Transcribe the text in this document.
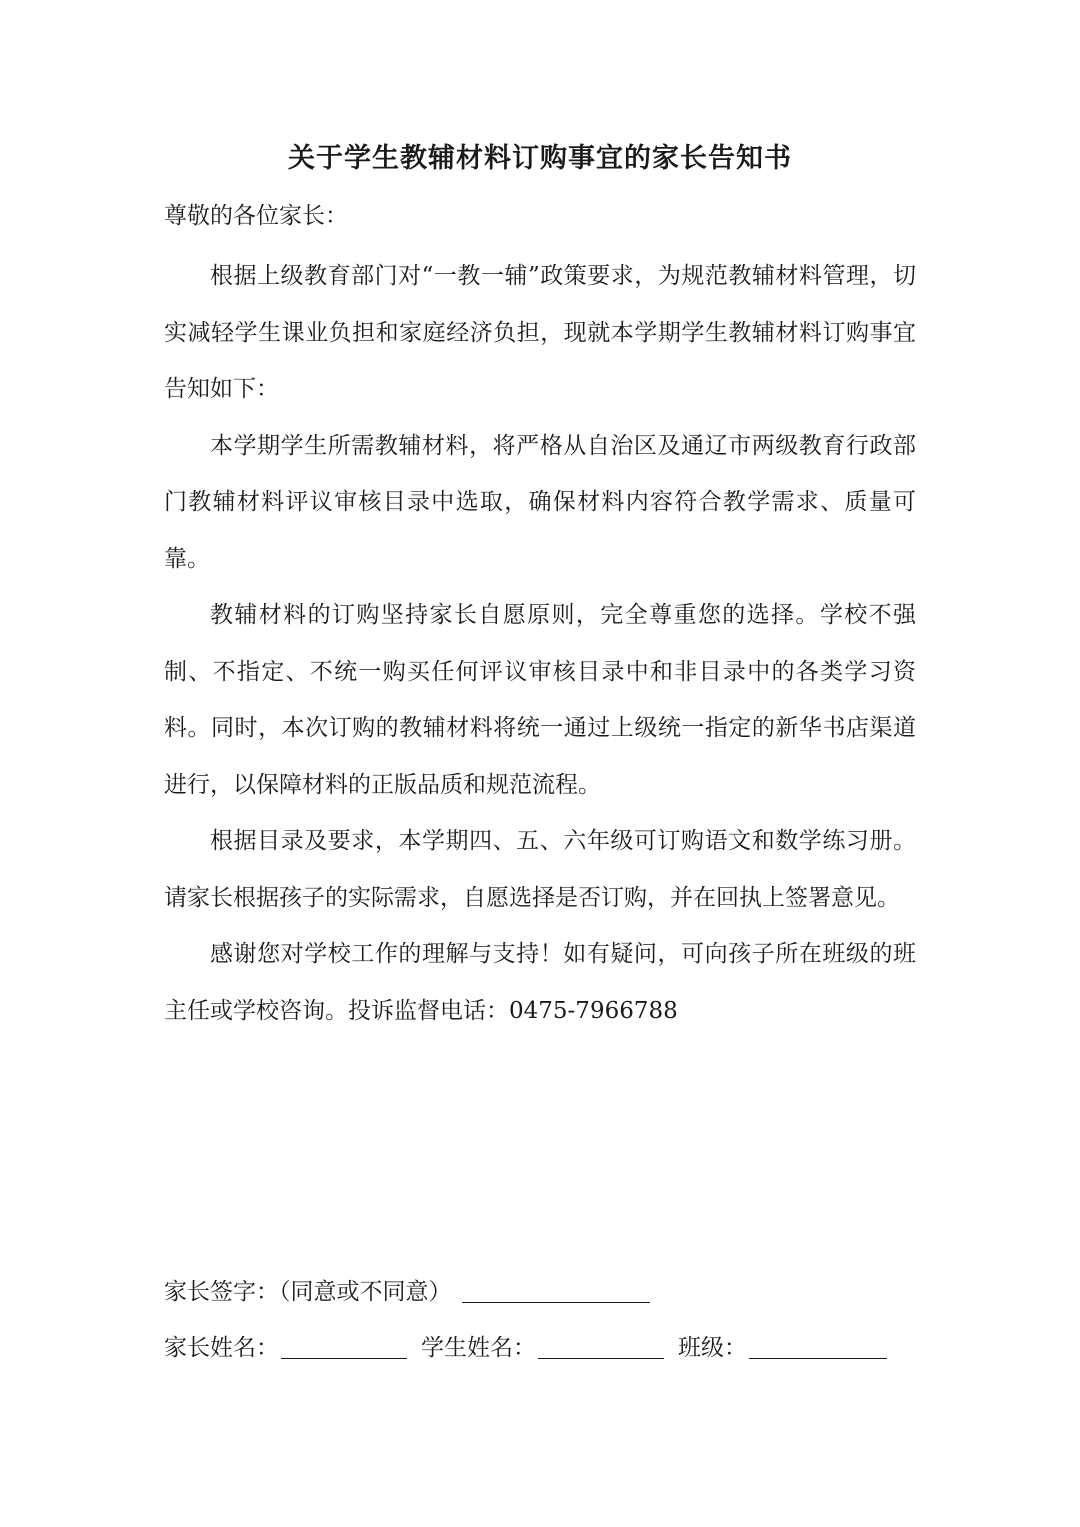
关于学生教辅材料订购事宜的家长告知书

尊敬的各位家长：

根据上级教育部门对“一教一辅”政策要求，为规范教辅材料管理，切实减轻学生课业负担和家庭经济负担，现就本学期学生教辅材料订购事宜告知如下：

本学期学生所需教辅材料，将严格从自治区及通辽市两级教育行政部门教辅材料评议审核目录中选取，确保材料内容符合教学需求、质量可靠。

教辅材料的订购坚持家长自愿原则，完全尊重您的选择。学校不强制、不指定、不统一购买任何评议审核目录中和非目录中的各类学习资料。同时，本次订购的教辅材料将统一通过上级统一指定的新华书店渠道进行，以保障材料的正版品质和规范流程。

根据目录及要求，本学期四、五、六年级可订购语文和数学练习册。请家长根据孩子的实际需求，自愿选择是否订购，并在回执上签署意见。

感谢您对学校工作的理解与支持！如有疑问，可向孩子所在班级的班主任或学校咨询。投诉监督电话：0475-7966788

家长签字：（同意或不同意）
家长姓名：	学生姓名：	班级：
